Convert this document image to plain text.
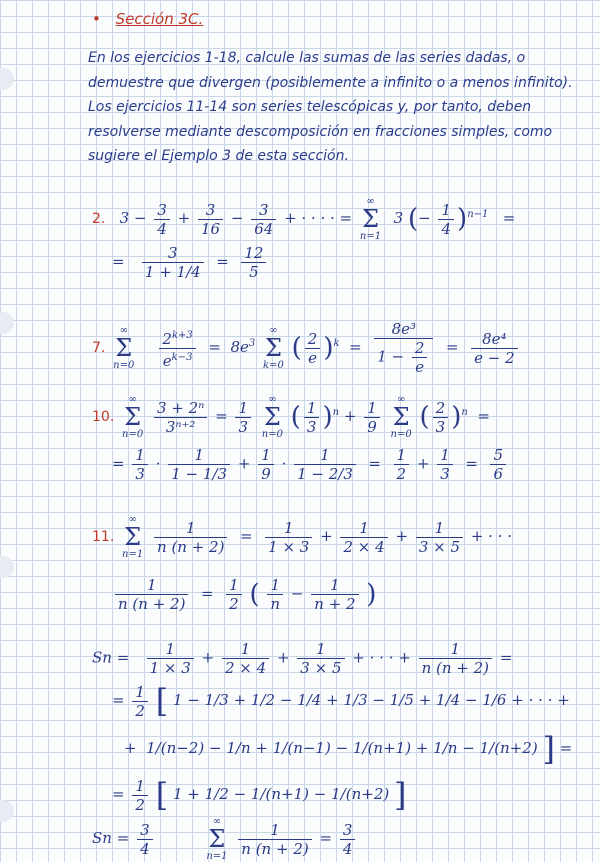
• Sección 3C.
En los ejercicios 1-18, calcule las sumas de las series dadas, o demuestre que divergen (posiblemente a infinito o a menos infinito). Los ejercicios 11-14 son series telescópicas y, por tanto, deben resolverse mediante descomposición en fracciones simples, como sugiere el Ejemplo 3 de esta sección.
2. $3 - \frac{3}{4} + \frac{3}{16} - \frac{3}{64}$ + · · · · =
∞
Σ
n=1
3 (− $\frac{1}{4} )^{n-1}$ =
= $\frac{3}{1 + 1/4} = \frac{12}{5}$
7.
∞
Σ
n=0
$\frac{2^{k+3}}{e^{k-3}} = 8e^3$
∞
Σ
k=0
( $\frac{2}{e} )^k = \frac{\text{8e³}}{1 - \frac{2}{e}} = \frac{\text{8e⁴}}{e - 2}$
10.
∞
Σ
n=0
$\frac{\text{3 + 2ⁿ}}{\text{3ⁿ⁺²}} = \frac{1}{3}$
	∞
Σ
n=0
( $\frac{1}{3} )^n + \frac{1}{9}$
	∞
Σ
n=0
( $\frac{2}{3} )^n$ =
= $\frac{1}{3} \cdot \frac{1}{1 - 1/3} + \frac{1}{9} \cdot \frac{1}{1 - 2/3} = \frac{1}{2} + \frac{1}{3} = \frac{5}{6}$
11.
∞
Σ
n=1
$\frac{1}{n (n + 2)} = \frac{1}{1 \times 3} + \frac{1}{2 \times 4} + \frac{1}{3 \times 5}$ + · · ·
$\frac{1}{n (n + 2)} = \frac{1}{2}$ ( $\frac{1}{n} - \frac{1}{n + 2}$ )
$Sn = \frac{1}{1 \times 3} + \frac{1}{2 \times 4} + \frac{1}{3 \times 5}$ + · · · + $\frac{1}{n (n + 2)}$ =
= $\frac{1}{2}$ [ 1 − 1/3 + 1/2 − 1/4 + 1/3 − 1/5 + 1/4 − 1/6 + · · · +
+ 1/(n−2) − 1/n + 1/(n−1) − 1/(n+1) + 1/n − 1/(n+2) ] =
= $\frac{1}{2}$ [ 1 + 1/2 − 1/(n+1) − 1/(n+2) ]
$Sn = \frac{3}{4}$
	∞
Σ
n=1
$\frac{1}{n (n + 2)} = \frac{3}{4}$
